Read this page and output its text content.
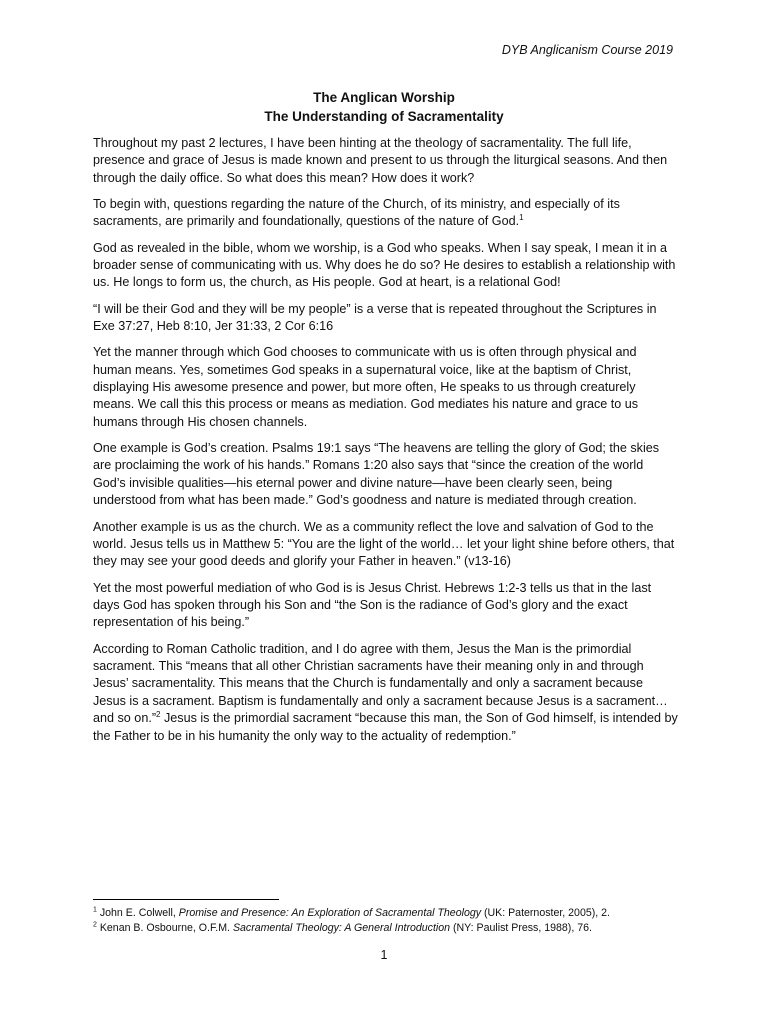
DYB Anglicanism Course 2019
The Anglican Worship
The Understanding of Sacramentality

Throughout my past 2 lectures, I have been hinting at the theology of sacramentality. The full life, presence and grace of Jesus is made known and present to us through the liturgical seasons. And then through the daily office. So what does this mean? How does it work?

To begin with, questions regarding the nature of the Church, of its ministry, and especially of its sacraments, are primarily and foundationally, questions of the nature of God.$^1$

God as revealed in the bible, whom we worship, is a God who speaks. When I say speak, I mean it in a broader sense of communicating with us. Why does he do so? He desires to establish a relationship with us. He longs to form us, the church, as His people. God at heart, is a relational God!

“I will be their God and they will be my people” is a verse that is repeated throughout the Scriptures in Exe 37:27, Heb 8:10, Jer 31:33, 2 Cor 6:16

Yet the manner through which God chooses to communicate with us is often through physical and human means. Yes, sometimes God speaks in a supernatural voice, like at the baptism of Christ, displaying His awesome presence and power, but more often, He speaks to us through creaturely means. We call this this process or means as mediation. God mediates his nature and grace to us humans through His chosen channels.

One example is God’s creation. Psalms 19:1 says “The heavens are telling the glory of God; the skies are proclaiming the work of his hands.” Romans 1:20 also says that “since the creation of the world God’s invisible qualities—his eternal power and divine nature—have been clearly seen, being understood from what has been made.” God’s goodness and nature is mediated through creation.

Another example is us as the church. We as a community reflect the love and salvation of God to the world. Jesus tells us in Matthew 5: “You are the light of the world… let your light shine before others, that they may see your good deeds and glorify your Father in heaven.” (v13-16)

Yet the most powerful mediation of who God is is Jesus Christ. Hebrews 1:2-3 tells us that in the last days God has spoken through his Son and “the Son is the radiance of God’s glory and the exact representation of his being.”

According to Roman Catholic tradition, and I do agree with them, Jesus the Man is the primordial sacrament. This “means that all other Christian sacraments have their meaning only in and through Jesus’ sacramentality. This means that the Church is fundamentally and only a sacrament because Jesus is a sacrament. Baptism is fundamentally and only a sacrament because Jesus is a sacrament… and so on.”$^2$ Jesus is the primordial sacrament “because this man, the Son of God himself, is intended by the Father to be in his humanity the only way to the actuality of redemption.”

$^1$ John E. Colwell, Promise and Presence: An Exploration of Sacramental Theology (UK: Paternoster, 2005), 2.
$^2$ Kenan B. Osbourne, O.F.M. Sacramental Theology: A General Introduction (NY: Paulist Press, 1988), 76.
1
